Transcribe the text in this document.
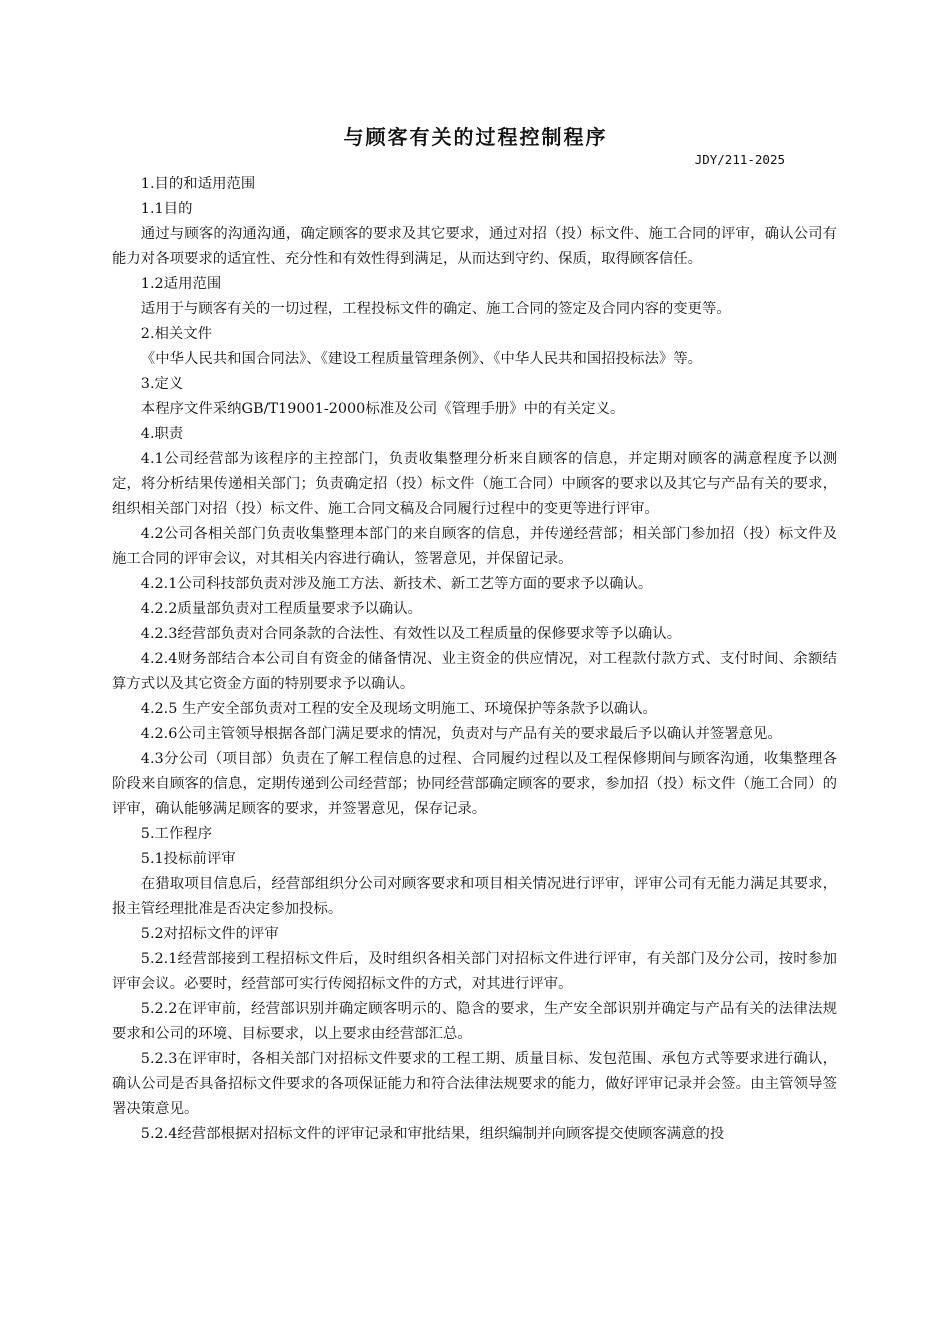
与顾客有关的过程控制程序
JDY/211-2025

1.目的和适用范围

1.1目的

通过与顾客的沟通沟通，确定顾客的要求及其它要求，通过对招（投）标文件、施工合同的评审，确认公司有能力对各项要求的适宜性、充分性和有效性得到满足，从而达到守约、保质，取得顾客信任。

1.2适用范围

适用于与顾客有关的一切过程，工程投标文件的确定、施工合同的签定及合同内容的变更等。

2.相关文件

《中华人民共和国合同法》、《建设工程质量管理条例》、《中华人民共和国招投标法》等。

3.定义

本程序文件采纳GB/T19001-2000标准及公司《管理手册》中的有关定义。

4.职责

4.1公司经营部为该程序的主控部门，负责收集整理分析来自顾客的信息，并定期对顾客的满意程度予以测定，将分析结果传递相关部门；负责确定招（投）标文件（施工合同）中顾客的要求以及其它与产品有关的要求，组织相关部门对招（投）标文件、施工合同文稿及合同履行过程中的变更等进行评审。

4.2公司各相关部门负责收集整理本部门的来自顾客的信息，并传递经营部；相关部门参加招（投）标文件及施工合同的评审会议，对其相关内容进行确认，签署意见，并保留记录。

4.2.1公司科技部负责对涉及施工方法、新技术、新工艺等方面的要求予以确认。

4.2.2质量部负责对工程质量要求予以确认。

4.2.3经营部负责对合同条款的合法性、有效性以及工程质量的保修要求等予以确认。

4.2.4财务部结合本公司自有资金的储备情况、业主资金的供应情况，对工程款付款方式、支付时间、余额结算方式以及其它资金方面的特别要求予以确认。

4.2.5 生产安全部负责对工程的安全及现场文明施工、环境保护等条款予以确认。

4.2.6公司主管领导根据各部门满足要求的情况，负责对与产品有关的要求最后予以确认并签署意见。

4.3分公司（项目部）负责在了解工程信息的过程、合同履约过程以及工程保修期间与顾客沟通，收集整理各阶段来自顾客的信息，定期传递到公司经营部；协同经营部确定顾客的要求，参加招（投）标文件（施工合同）的评审，确认能够满足顾客的要求，并签署意见，保存记录。

5.工作程序

5.1投标前评审

在猎取项目信息后，经营部组织分公司对顾客要求和项目相关情况进行评审，评审公司有无能力满足其要求，报主管经理批准是否决定参加投标。

5.2对招标文件的评审

5.2.1经营部接到工程招标文件后，及时组织各相关部门对招标文件进行评审，有关部门及分公司，按时参加评审会议。必要时，经营部可实行传阅招标文件的方式，对其进行评审。

5.2.2在评审前，经营部识别并确定顾客明示的、隐含的要求，生产安全部识别并确定与产品有关的法律法规要求和公司的环境、目标要求，以上要求由经营部汇总。

5.2.3在评审时，各相关部门对招标文件要求的工程工期、质量目标、发包范围、承包方式等要求进行确认，确认公司是否具备招标文件要求的各项保证能力和符合法律法规要求的能力，做好评审记录并会签。由主管领导签署决策意见。

5.2.4经营部根据对招标文件的评审记录和审批结果，组织编制并向顾客提交使顾客满意的投
